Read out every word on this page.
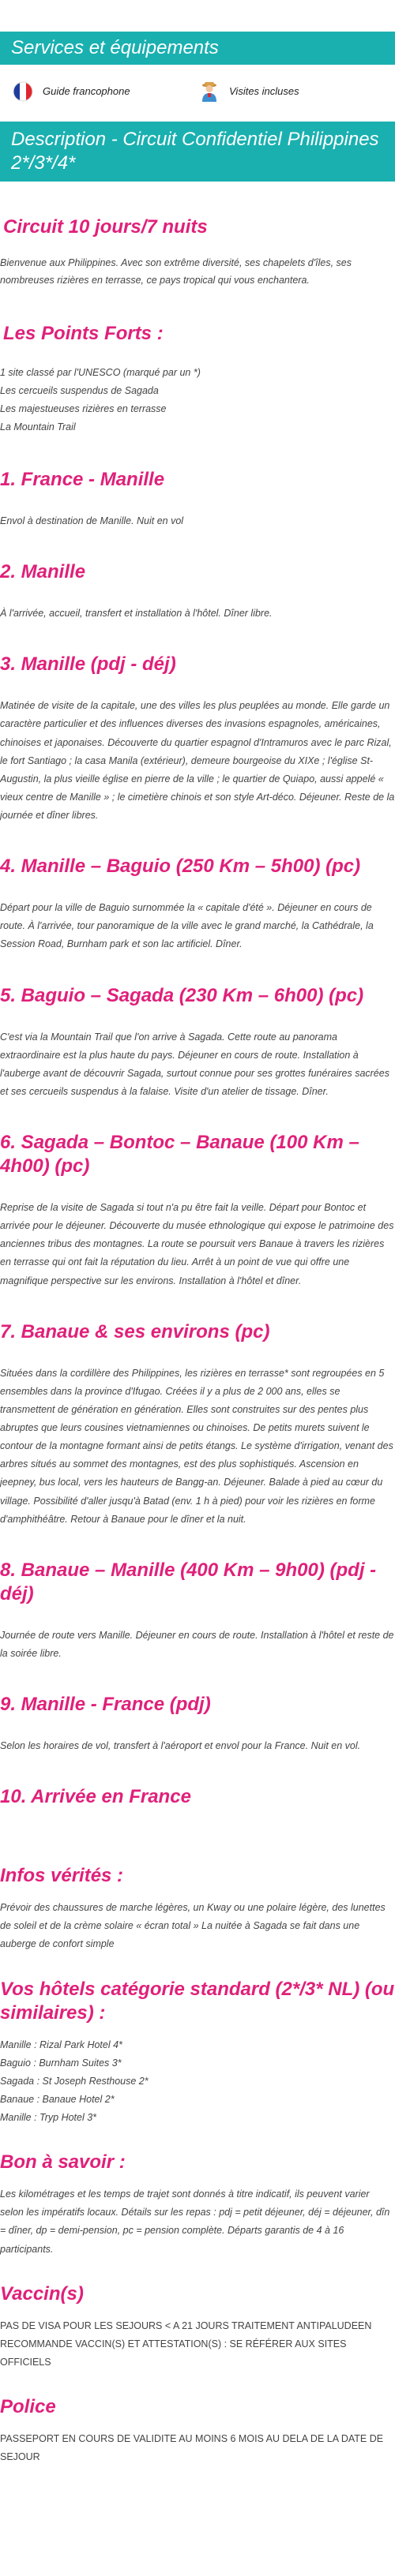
Services et équipements
Guide francophone	Visites incluses
Description - Circuit Confidentiel Philippines 2*/3*/4*
Circuit 10 jours/7 nuits

Bienvenue aux Philippines. Avec son extrême diversité, ses chapelets d'îles, ses nombreuses rizières en terrasse, ce pays tropical qui vous enchantera.

Les Points Forts :
1 site classé par l'UNESCO (marqué par un *)
Les cercueils suspendus de Sagada
Les majestueuses rizières en terrasse
La Mountain Trail
1. France - Manille

Envol à destination de Manille. Nuit en vol

2. Manille

À l'arrivée, accueil, transfert et installation à l'hôtel. Dîner libre.

3. Manille (pdj - déj)

Matinée de visite de la capitale, une des villes les plus peuplées au monde. Elle garde un caractère particulier et des influences diverses des invasions espagnoles, américaines, chinoises et japonaises. Découverte du quartier espagnol d'Intramuros avec le parc Rizal, le fort Santiago ; la casa Manila (extérieur), demeure bourgeoise du XIXe ; l'église St-Augustin, la plus vieille église en pierre de la ville ; le quartier de Quiapo, aussi appelé « vieux centre de Manille » ; le cimetière chinois et son style Art-déco. Déjeuner. Reste de la journée et dîner libres.

4. Manille – Baguio (250 Km – 5h00) (pc)

Départ pour la ville de Baguio surnommée la « capitale d'été ». Déjeuner en cours de route. À l'arrivée, tour panoramique de la ville avec le grand marché, la Cathédrale, la Session Road, Burnham park et son lac artificiel. Dîner.

5. Baguio – Sagada (230 Km – 6h00) (pc)

C'est via la Mountain Trail que l'on arrive à Sagada. Cette route au panorama extraordinaire est la plus haute du pays. Déjeuner en cours de route. Installation à l'auberge avant de découvrir Sagada, surtout connue pour ses grottes funéraires sacrées et ses cercueils suspendus à la falaise. Visite d'un atelier de tissage. Dîner.

6. Sagada – Bontoc – Banaue (100 Km – 4h00) (pc)

Reprise de la visite de Sagada si tout n'a pu être fait la veille. Départ pour Bontoc et arrivée pour le déjeuner. Découverte du musée ethnologique qui expose le patrimoine des anciennes tribus des montagnes. La route se poursuit vers Banaue à travers les rizières en terrasse qui ont fait la réputation du lieu. Arrêt à un point de vue qui offre une magnifique perspective sur les environs. Installation à l'hôtel et dîner.

7. Banaue & ses environs (pc)

Situées dans la cordillère des Philippines, les rizières en terrasse* sont regroupées en 5 ensembles dans la province d'Ifugao. Créées il y a plus de 2 000 ans, elles se transmettent de génération en génération. Elles sont construites sur des pentes plus abruptes que leurs cousines vietnamiennes ou chinoises. De petits murets suivent le contour de la montagne formant ainsi de petits étangs. Le système d'irrigation, venant des arbres situés au sommet des montagnes, est des plus sophistiqués. Ascension en jeepney, bus local, vers les hauteurs de Bangg-an. Déjeuner. Balade à pied au cœur du village. Possibilité d'aller jusqu'à Batad (env. 1 h à pied) pour voir les rizières en forme d'amphithéâtre. Retour à Banaue pour le dîner et la nuit.

8. Banaue – Manille (400 Km – 9h00) (pdj - déj)

Journée de route vers Manille. Déjeuner en cours de route. Installation à l'hôtel et reste de la soirée libre.

9. Manille - France (pdj)

Selon les horaires de vol, transfert à l'aéroport et envol pour la France. Nuit en vol.

10. Arrivée en France
Infos vérités :

Prévoir des chaussures de marche légères, un Kway ou une polaire légère, des lunettes de soleil et de la crème solaire « écran total » La nuitée à Sagada se fait dans une auberge de confort simple

Vos hôtels catégorie standard (2*/3* NL) (ou similaires) :
Manille : Rizal Park Hotel 4*
Baguio : Burnham Suites 3*
Sagada : St Joseph Resthouse 2*
Banaue : Banaue Hotel 2*
Manille : Tryp Hotel 3*
Bon à savoir :

Les kilométrages et les temps de trajet sont donnés à titre indicatif, ils peuvent varier selon les impératifs locaux. Détails sur les repas : pdj = petit déjeuner, déj = déjeuner, dîn = dîner, dp = demi-pension, pc = pension complète. Départs garantis de 4 à 16 participants.

Vaccin(s)

PAS DE VISA POUR LES SEJOURS < A 21 JOURS TRAITEMENT ANTIPALUDEEN RECOMMANDE VACCIN(S) ET ATTESTATION(S) : SE RÉFÉRER AUX SITES OFFICIELS

Police

PASSEPORT EN COURS DE VALIDITE AU MOINS 6 MOIS AU DELA DE LA DATE DE SEJOUR
